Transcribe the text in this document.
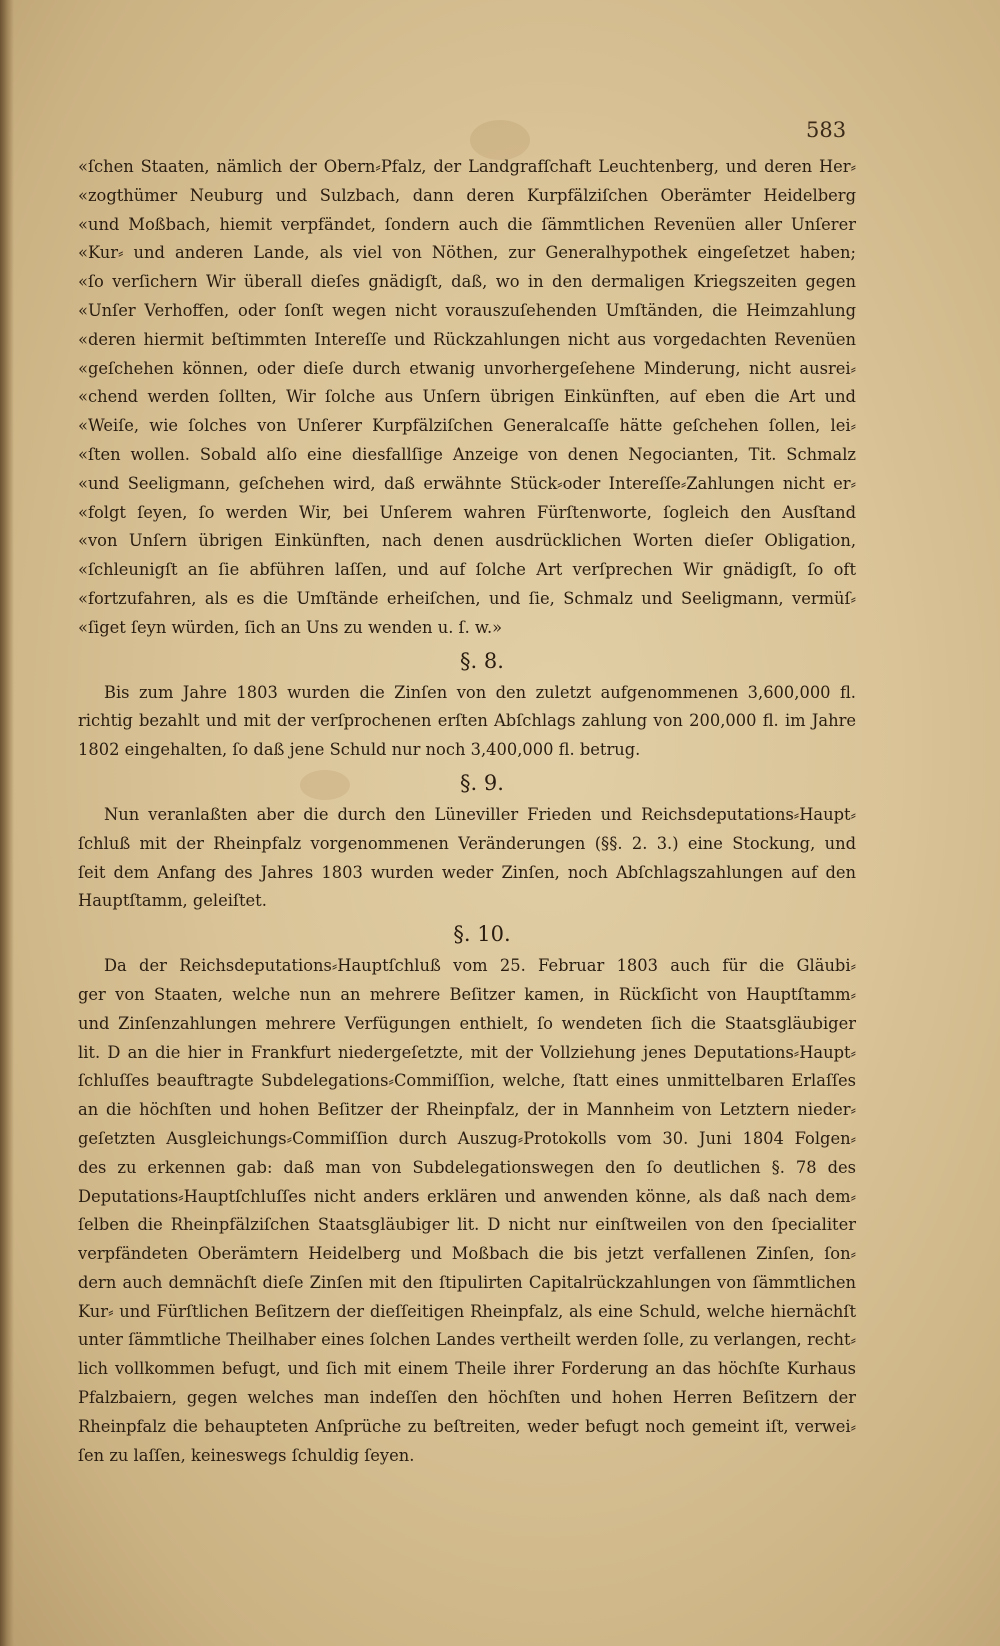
583
«ſchen Staaten, nämlich der Obern⸗Pfalz, der Landgrafſchaft Leuchtenberg, und deren Her⸗
«zogthümer Neuburg und Sulzbach, dann deren Kurpfälziſchen Oberämter Heidelberg
«und Moßbach, hiemit verpfändet, ſondern auch die ſämmtlichen Revenüen aller Unſerer
«Kur⸗ und anderen Lande, als viel von Nöthen, zur Generalhypothek eingeſetzet haben;
«ſo verſichern Wir überall dieſes gnädigſt, daß, wo in den dermaligen Kriegszeiten gegen
«Unſer Verhoffen, oder ſonſt wegen nicht vorauszuſehenden Umſtänden, die Heimzahlung
«deren hiermit beſtimmten Intereſſe und Rückzahlungen nicht aus vorgedachten Revenüen
«geſchehen können, oder dieſe durch etwanig unvorhergeſehene Minderung, nicht ausrei⸗
«chend werden ſollten, Wir ſolche aus Unſern übrigen Einkünften, auf eben die Art und
«Weiſe, wie ſolches von Unſerer Kurpfälziſchen Generalcaſſe hätte geſchehen ſollen, lei⸗
«ſten wollen. Sobald alſo eine diesfallſige Anzeige von denen Negocianten, Tit. Schmalz
«und Seeligmann, geſchehen wird, daß erwähnte Stück⸗oder Intereſſe⸗Zahlungen nicht er⸗
«folgt ſeyen, ſo werden Wir, bei Unſerem wahren Fürſtenworte, ſogleich den Ausſtand
«von Unſern übrigen Einkünften, nach denen ausdrücklichen Worten dieſer Obligation,
«ſchleunigſt an ſie abführen laſſen, und auf ſolche Art verſprechen Wir gnädigſt, ſo oft
«fortzufahren, als es die Umſtände erheiſchen, und ſie, Schmalz und Seeligmann, vermüſ⸗
«ſiget ſeyn würden, ſich an Uns zu wenden u. ſ. w.»
§. 8.
Bis zum Jahre 1803 wurden die Zinſen von den zuletzt aufgenommenen 3,600,000 fl.
richtig bezahlt und mit der verſprochenen erſten Abſchlags zahlung von 200,000 fl. im Jahre
1802 eingehalten, ſo daß jene Schuld nur noch 3,400,000 fl. betrug.
§. 9.
Nun veranlaßten aber die durch den Lüneviller Frieden und Reichsdeputations⸗Haupt⸗
ſchluß mit der Rheinpfalz vorgenommenen Veränderungen (§§. 2. 3.) eine Stockung, und
ſeit dem Anfang des Jahres 1803 wurden weder Zinſen, noch Abſchlagszahlungen auf den
Hauptſtamm, geleiſtet.
§. 10.
Da der Reichsdeputations⸗Hauptſchluß vom 25. Februar 1803 auch für die Gläubi⸗
ger von Staaten, welche nun an mehrere Beſitzer kamen, in Rückſicht von Hauptſtamm⸗
und Zinſenzahlungen mehrere Verfügungen enthielt, ſo wendeten ſich die Staatsgläubiger
lit. D an die hier in Frankfurt niedergeſetzte, mit der Vollziehung jenes Deputations⸗Haupt⸗
ſchluſſes beauftragte Subdelegations⸗Commiſſion, welche, ſtatt eines unmittelbaren Erlaſſes
an die höchſten und hohen Beſitzer der Rheinpfalz, der in Mannheim von Letztern nieder⸗
geſetzten Ausgleichungs⸗Commiſſion durch Auszug⸗Protokolls vom 30. Juni 1804 Folgen⸗
des zu erkennen gab: daß man von Subdelegationswegen den ſo deutlichen §. 78 des
Deputations⸗Hauptſchluſſes nicht anders erklären und anwenden könne, als daß nach dem⸗
ſelben die Rheinpfälziſchen Staatsgläubiger lit. D nicht nur einſtweilen von den ſpecialiter
verpfändeten Oberämtern Heidelberg und Moßbach die bis jetzt verfallenen Zinſen, ſon⸗
dern auch demnächſt dieſe Zinſen mit den ſtipulirten Capitalrückzahlungen von ſämmtlichen
Kur⸗ und Fürſtlichen Beſitzern der dieſſeitigen Rheinpfalz, als eine Schuld, welche hiernächſt
unter ſämmtliche Theilhaber eines ſolchen Landes vertheilt werden ſolle, zu verlangen, recht⸗
lich vollkommen befugt, und ſich mit einem Theile ihrer Forderung an das höchſte Kurhaus
Pfalzbaiern, gegen welches man indeſſen den höchſten und hohen Herren Beſitzern der
Rheinpfalz die behaupteten Anſprüche zu beſtreiten, weder befugt noch gemeint iſt, verwei⸗
ſen zu laſſen, keineswegs ſchuldig ſeyen.
